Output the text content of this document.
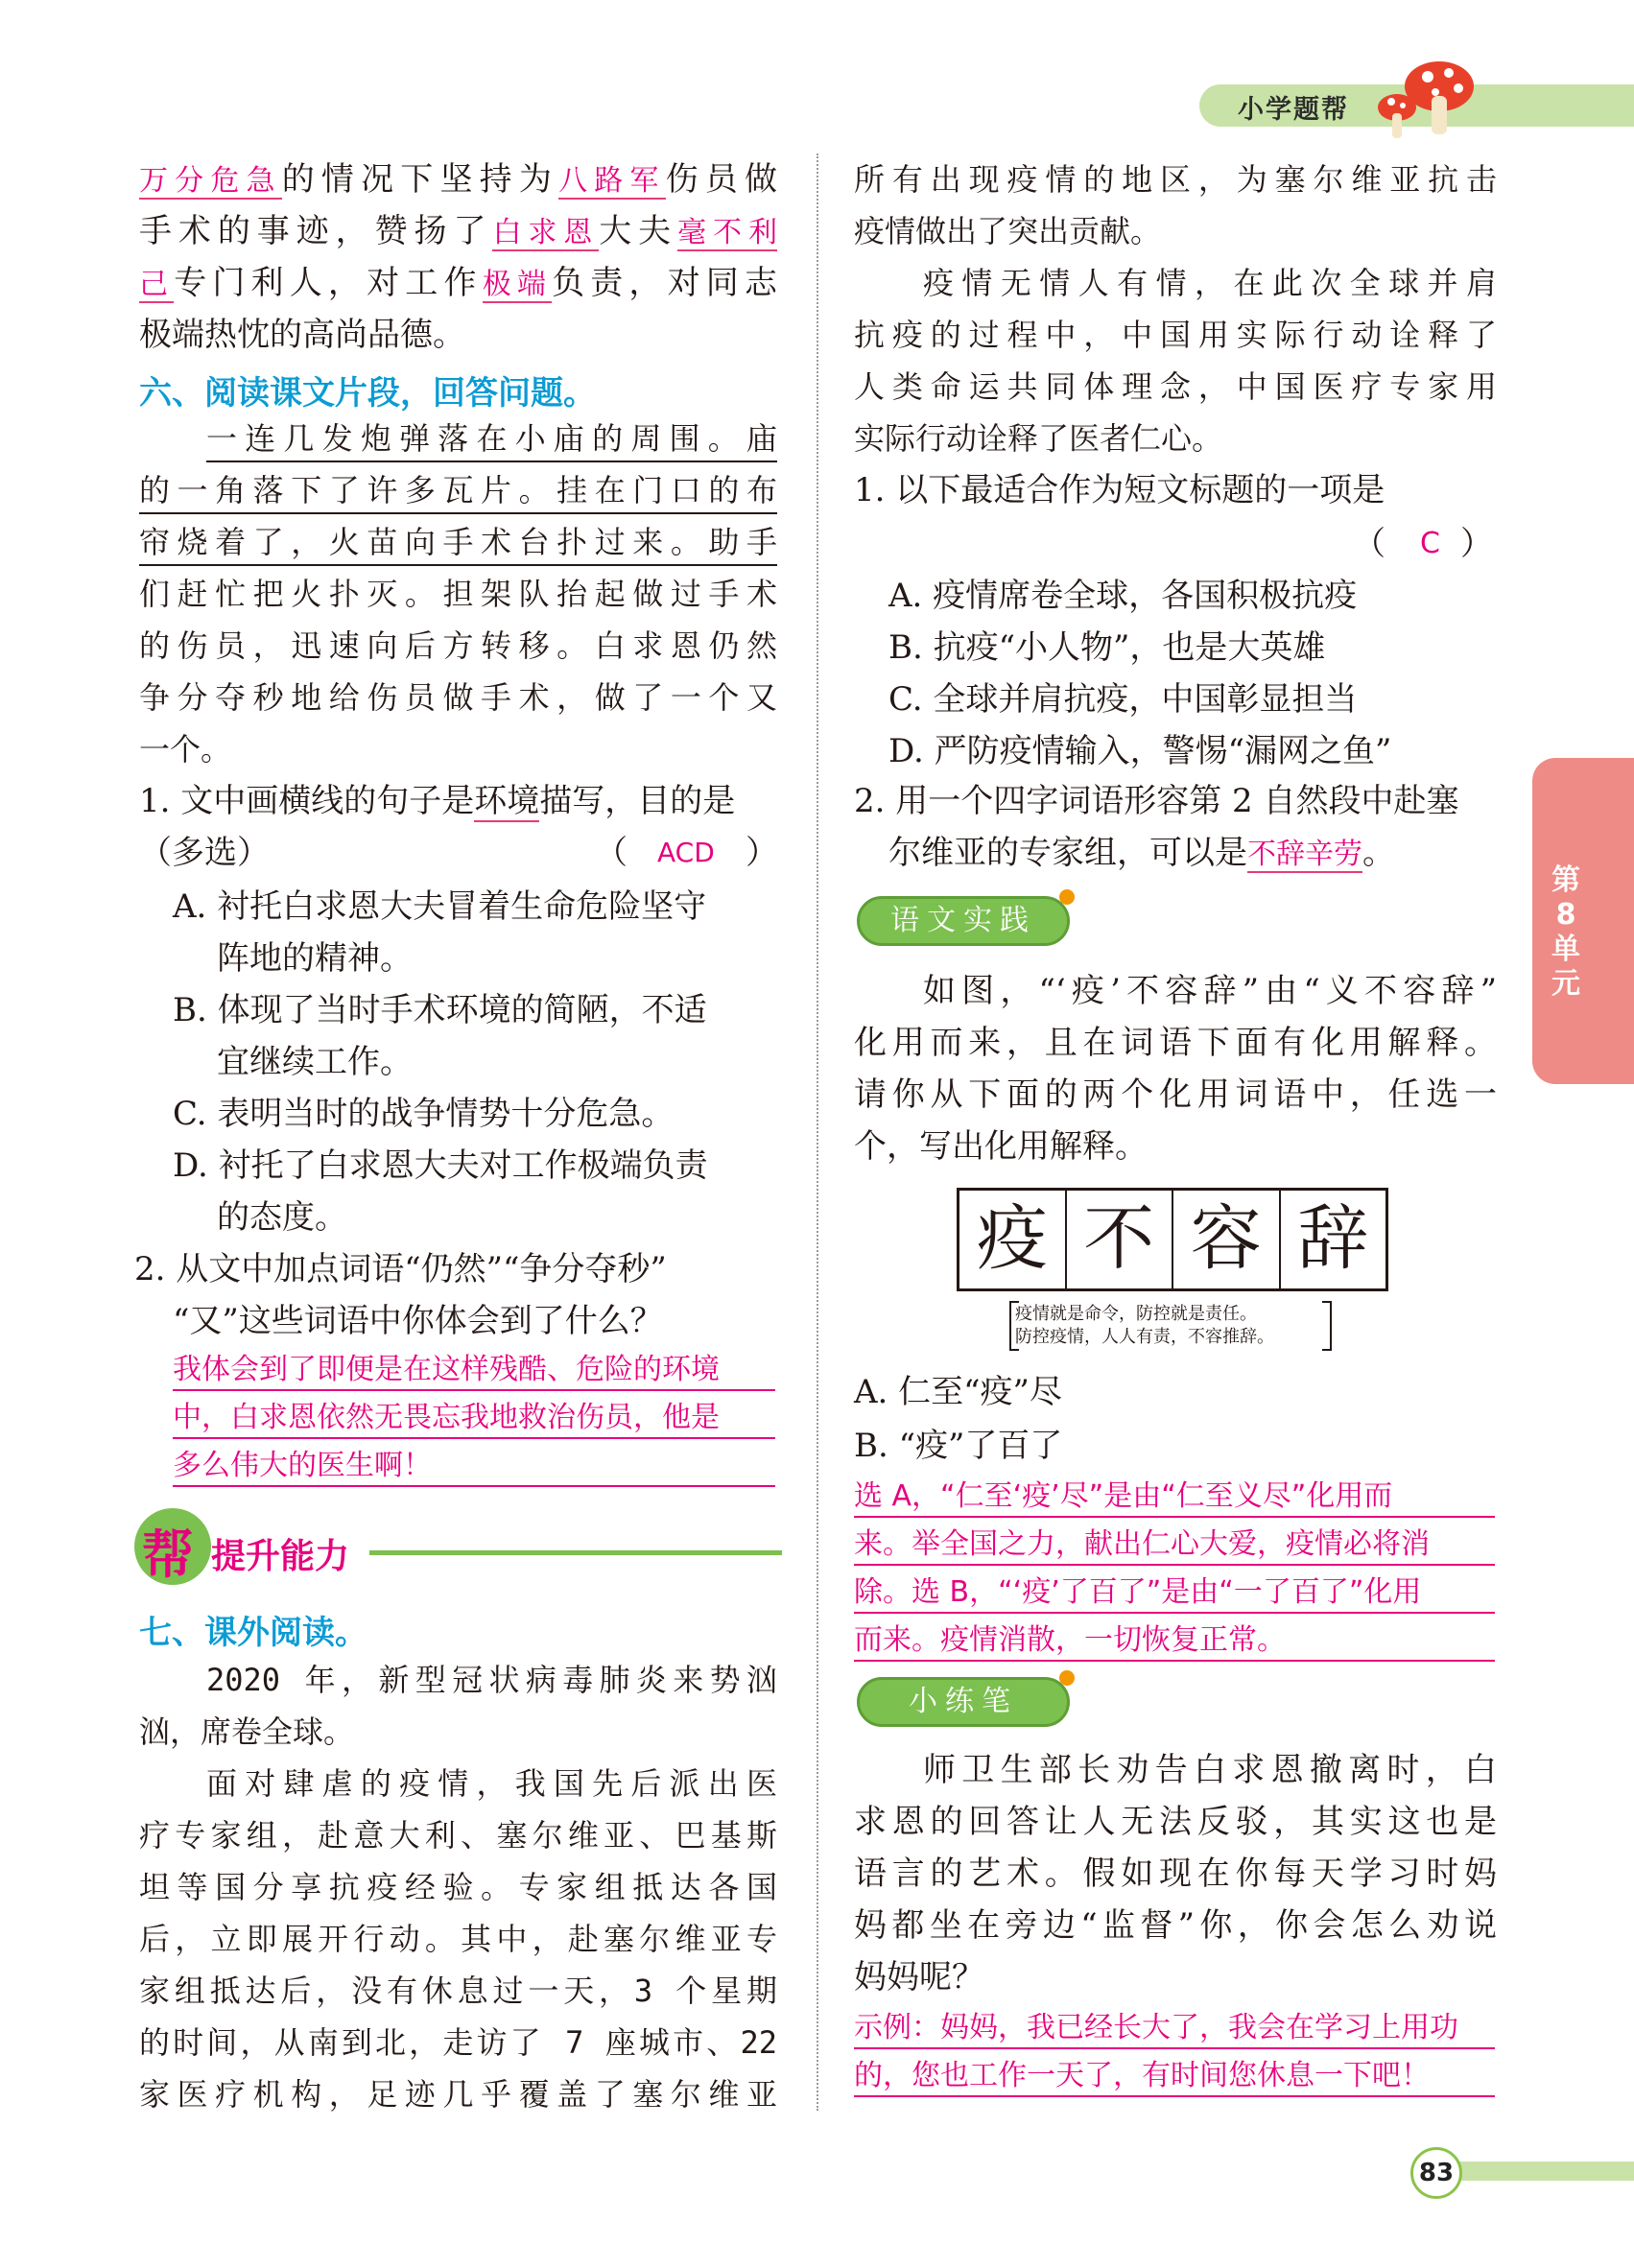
小学题帮
第8单元
万分危急的情况下坚持为八路军伤员做
手术的事迹，赞扬了白求恩大夫毫不利
己专门利人，对工作极端负责，对同志
极端热忱的高尚品德。
六、阅读课文片段，回答问题。
一连几发炮弹落在小庙的周围。庙
的一角落下了许多瓦片。挂在门口的布
帘烧着了，火苗向手术台扑过来。助手
们赶忙把火扑灭。担架队抬起做过手术
的伤员，迅速向后方转移。白求恩仍然
争分夺秒地给伤员做手术，做了一个又
一个。
1. 文中画横线的句子是环境描写，目的是
（多选）	（ ACD ）
A. 衬托白求恩大夫冒着生命危险坚守
阵地的精神。
B. 体现了当时手术环境的简陋，不适
宜继续工作。
C. 表明当时的战争情势十分危急。
D. 衬托了白求恩大夫对工作极端负责
的态度。
2. 从文中加点词语“仍然”“争分夺秒”
“又”这些词语中你体会到了什么？
我体会到了即便是在这样残酷、危险的环境
中，白求恩依然无畏忘我地救治伤员，他是
多么伟大的医生啊！
帮 提升能力
七、课外阅读。
2020 年，新型冠状病毒肺炎来势汹
汹，席卷全球。
面对肆虐的疫情，我国先后派出医
疗专家组，赴意大利、塞尔维亚、巴基斯
坦等国分享抗疫经验。专家组抵达各国
后，立即展开行动。其中，赴塞尔维亚专
家组抵达后，没有休息过一天，3 个星期
的时间，从南到北，走访了 7 座城市、22
家医疗机构，足迹几乎覆盖了塞尔维亚
所有出现疫情的地区，为塞尔维亚抗击
疫情做出了突出贡献。
疫情无情人有情，在此次全球并肩
抗疫的过程中，中国用实际行动诠释了
人类命运共同体理念，中国医疗专家用
实际行动诠释了医者仁心。
1. 以下最适合作为短文标题的一项是
（ C ）
A. 疫情席卷全球，各国积极抗疫
B. 抗疫“小人物”，也是大英雄
C. 全球并肩抗疫，中国彰显担当
D. 严防疫情输入，警惕“漏网之鱼”
2. 用一个四字词语形容第 2 自然段中赴塞
尔维亚的专家组，可以是不辞辛劳。
语文实践
如图，“‘疫’不容辞”由“义不容辞”
化用而来，且在词语下面有化用解释。
请你从下面的两个化用词语中，任选一
个，写出化用解释。
疫 不 容 辞
疫情就是命令，防控就是责任。
防控疫情，人人有责，不容推辞。
A. 仁至“疫”尽
B. “疫”了百了
选 A，“仁至‘疫’尽”是由“仁至义尽”化用而
来。举全国之力，献出仁心大爱，疫情必将消
除。选 B，“‘疫’了百了”是由“一了百了”化用
而来。疫情消散，一切恢复正常。
小练笔
师卫生部长劝告白求恩撤离时，白
求恩的回答让人无法反驳，其实这也是
语言的艺术。假如现在你每天学习时妈
妈都坐在旁边“监督”你，你会怎么劝说
妈妈呢？
示例：妈妈，我已经长大了，我会在学习上用功
的，您也工作一天了，有时间您休息一下吧！
83
